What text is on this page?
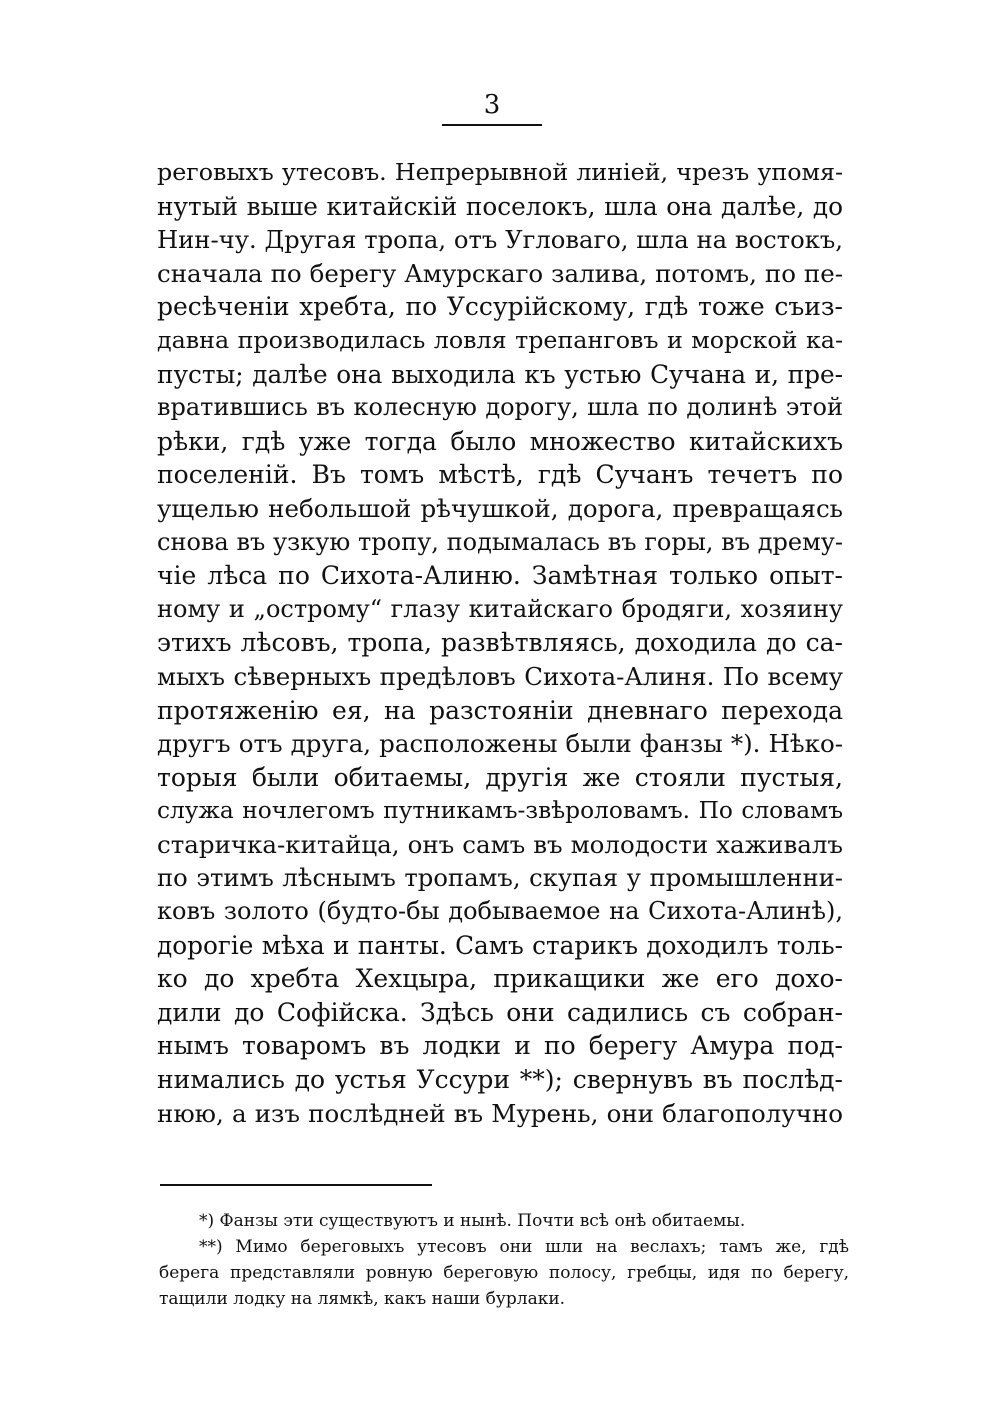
3
реговыхъ утесовъ. Непрерывной линіей, чрезъ упомя-
нутый выше китайскій поселокъ, шла она далѣе, до
Нин-чу. Другая тропа, отъ Угловаго, шла на востокъ,
сначала по берегу Амурскаго залива, потомъ, по пе-
ресѣченіи хребта, по Уссурійскому, гдѣ тоже съиз-
давна производилась ловля трепанговъ и морской ка-
пусты; далѣе она выходила къ устью Сучана и, пре-
вратившись въ колесную дорогу, шла по долинѣ этой
рѣки, гдѣ уже тогда было множество китайскихъ
поселеній. Въ томъ мѣстѣ, гдѣ Сучанъ течетъ по
ущелью небольшой рѣчушкой, дорога, превращаясь
снова въ узкую тропу, подымалась въ горы, въ дрему-
чіе лѣса по Сихота-Алиню. Замѣтная только опыт-
ному и „острому“ глазу китайскаго бродяги, хозяину
этихъ лѣсовъ, тропа, развѣтвляясь, доходила до са-
мыхъ сѣверныхъ предѣловъ Сихота-Алиня. По всему
протяженію ея, на разстояніи дневнаго перехода
другъ отъ друга, расположены были фанзы *). Нѣко-
торыя были обитаемы, другія же стояли пустыя,
служа ночлегомъ путникамъ-звѣроловамъ. По словамъ
старичка-китайца, онъ самъ въ молодости хаживалъ
по этимъ лѣснымъ тропамъ, скупая у промышленни-
ковъ золото (будто-бы добываемое на Сихота-Алинѣ),
дорогіе мѣха и панты. Самъ старикъ доходилъ толь-
ко до хребта Хехцыра, прикащики же его дохо-
дили до Софійска. Здѣсь они садились съ собран-
нымъ товаромъ въ лодки и по берегу Амура под-
нимались до устья Уссури **); свернувъ въ послѣд-
нюю, а изъ послѣдней въ Мурень, они благополучно
*) Фанзы эти существуютъ и нынѣ. Почти всѣ онѣ обитаемы.
**) Мимо береговыхъ утесовъ они шли на веслахъ; тамъ же, гдѣ
берега представляли ровную береговую полосу, гребцы, идя по берегу,
тащили лодку на лямкѣ, какъ наши бурлаки.
